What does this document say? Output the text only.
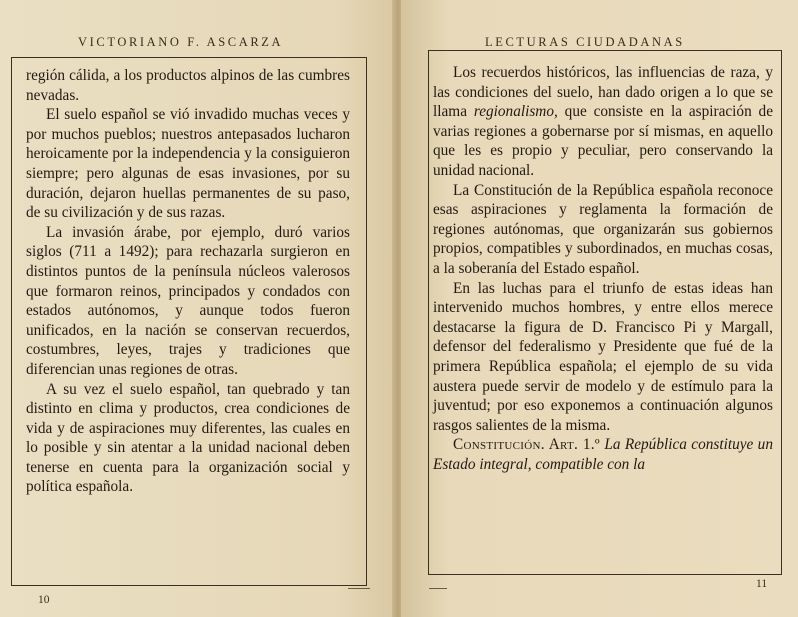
VICTORIANO F. ASCARZA

región cálida, a los productos alpinos de las cumbres nevadas.

El suelo español se vió invadido muchas veces y por muchos pueblos; nuestros antepasados lucharon heroicamente por la independencia y la consiguieron siempre; pero algunas de esas invasiones, por su duración, dejaron huellas permanentes de su paso, de su civilización y de sus razas.

La invasión árabe, por ejemplo, duró varios siglos (711 a 1492); para rechazarla surgieron en distintos puntos de la península núcleos valerosos que formaron reinos, principados y condados con estados autónomos, y aunque todos fueron unificados, en la nación se conservan recuerdos, costumbres, leyes, trajes y tradiciones que diferencian unas regiones de otras.

A su vez el suelo español, tan quebrado y tan distinto en clima y productos, crea condiciones de vida y de aspiraciones muy diferentes, las cuales en lo posible y sin atentar a la unidad nacional deben tenerse en cuenta para la organización social y política española.

10
LECTURAS CIUDADANAS

Los recuerdos históricos, las influencias de raza, y las condiciones del suelo, han dado origen a lo que se llama regionalismo, que consiste en la aspiración de varias regiones a gobernarse por sí mismas, en aquello que les es propio y peculiar, pero conservando la unidad nacional.

La Constitución de la República española reconoce esas aspiraciones y reglamenta la formación de regiones autónomas, que organizarán sus gobiernos propios, compatibles y subordinados, en muchas cosas, a la soberanía del Estado español.

En las luchas para el triunfo de estas ideas han intervenido muchos hombres, y entre ellos merece destacarse la figura de D. Francisco Pi y Margall, defensor del federalismo y Presidente que fué de la primera República española; el ejemplo de su vida austera puede servir de modelo y de estímulo para la juventud; por eso exponemos a continuación algunos rasgos salientes de la misma.

Constitución. Art. 1.º La República constituye un Estado integral, compatible con la

11
